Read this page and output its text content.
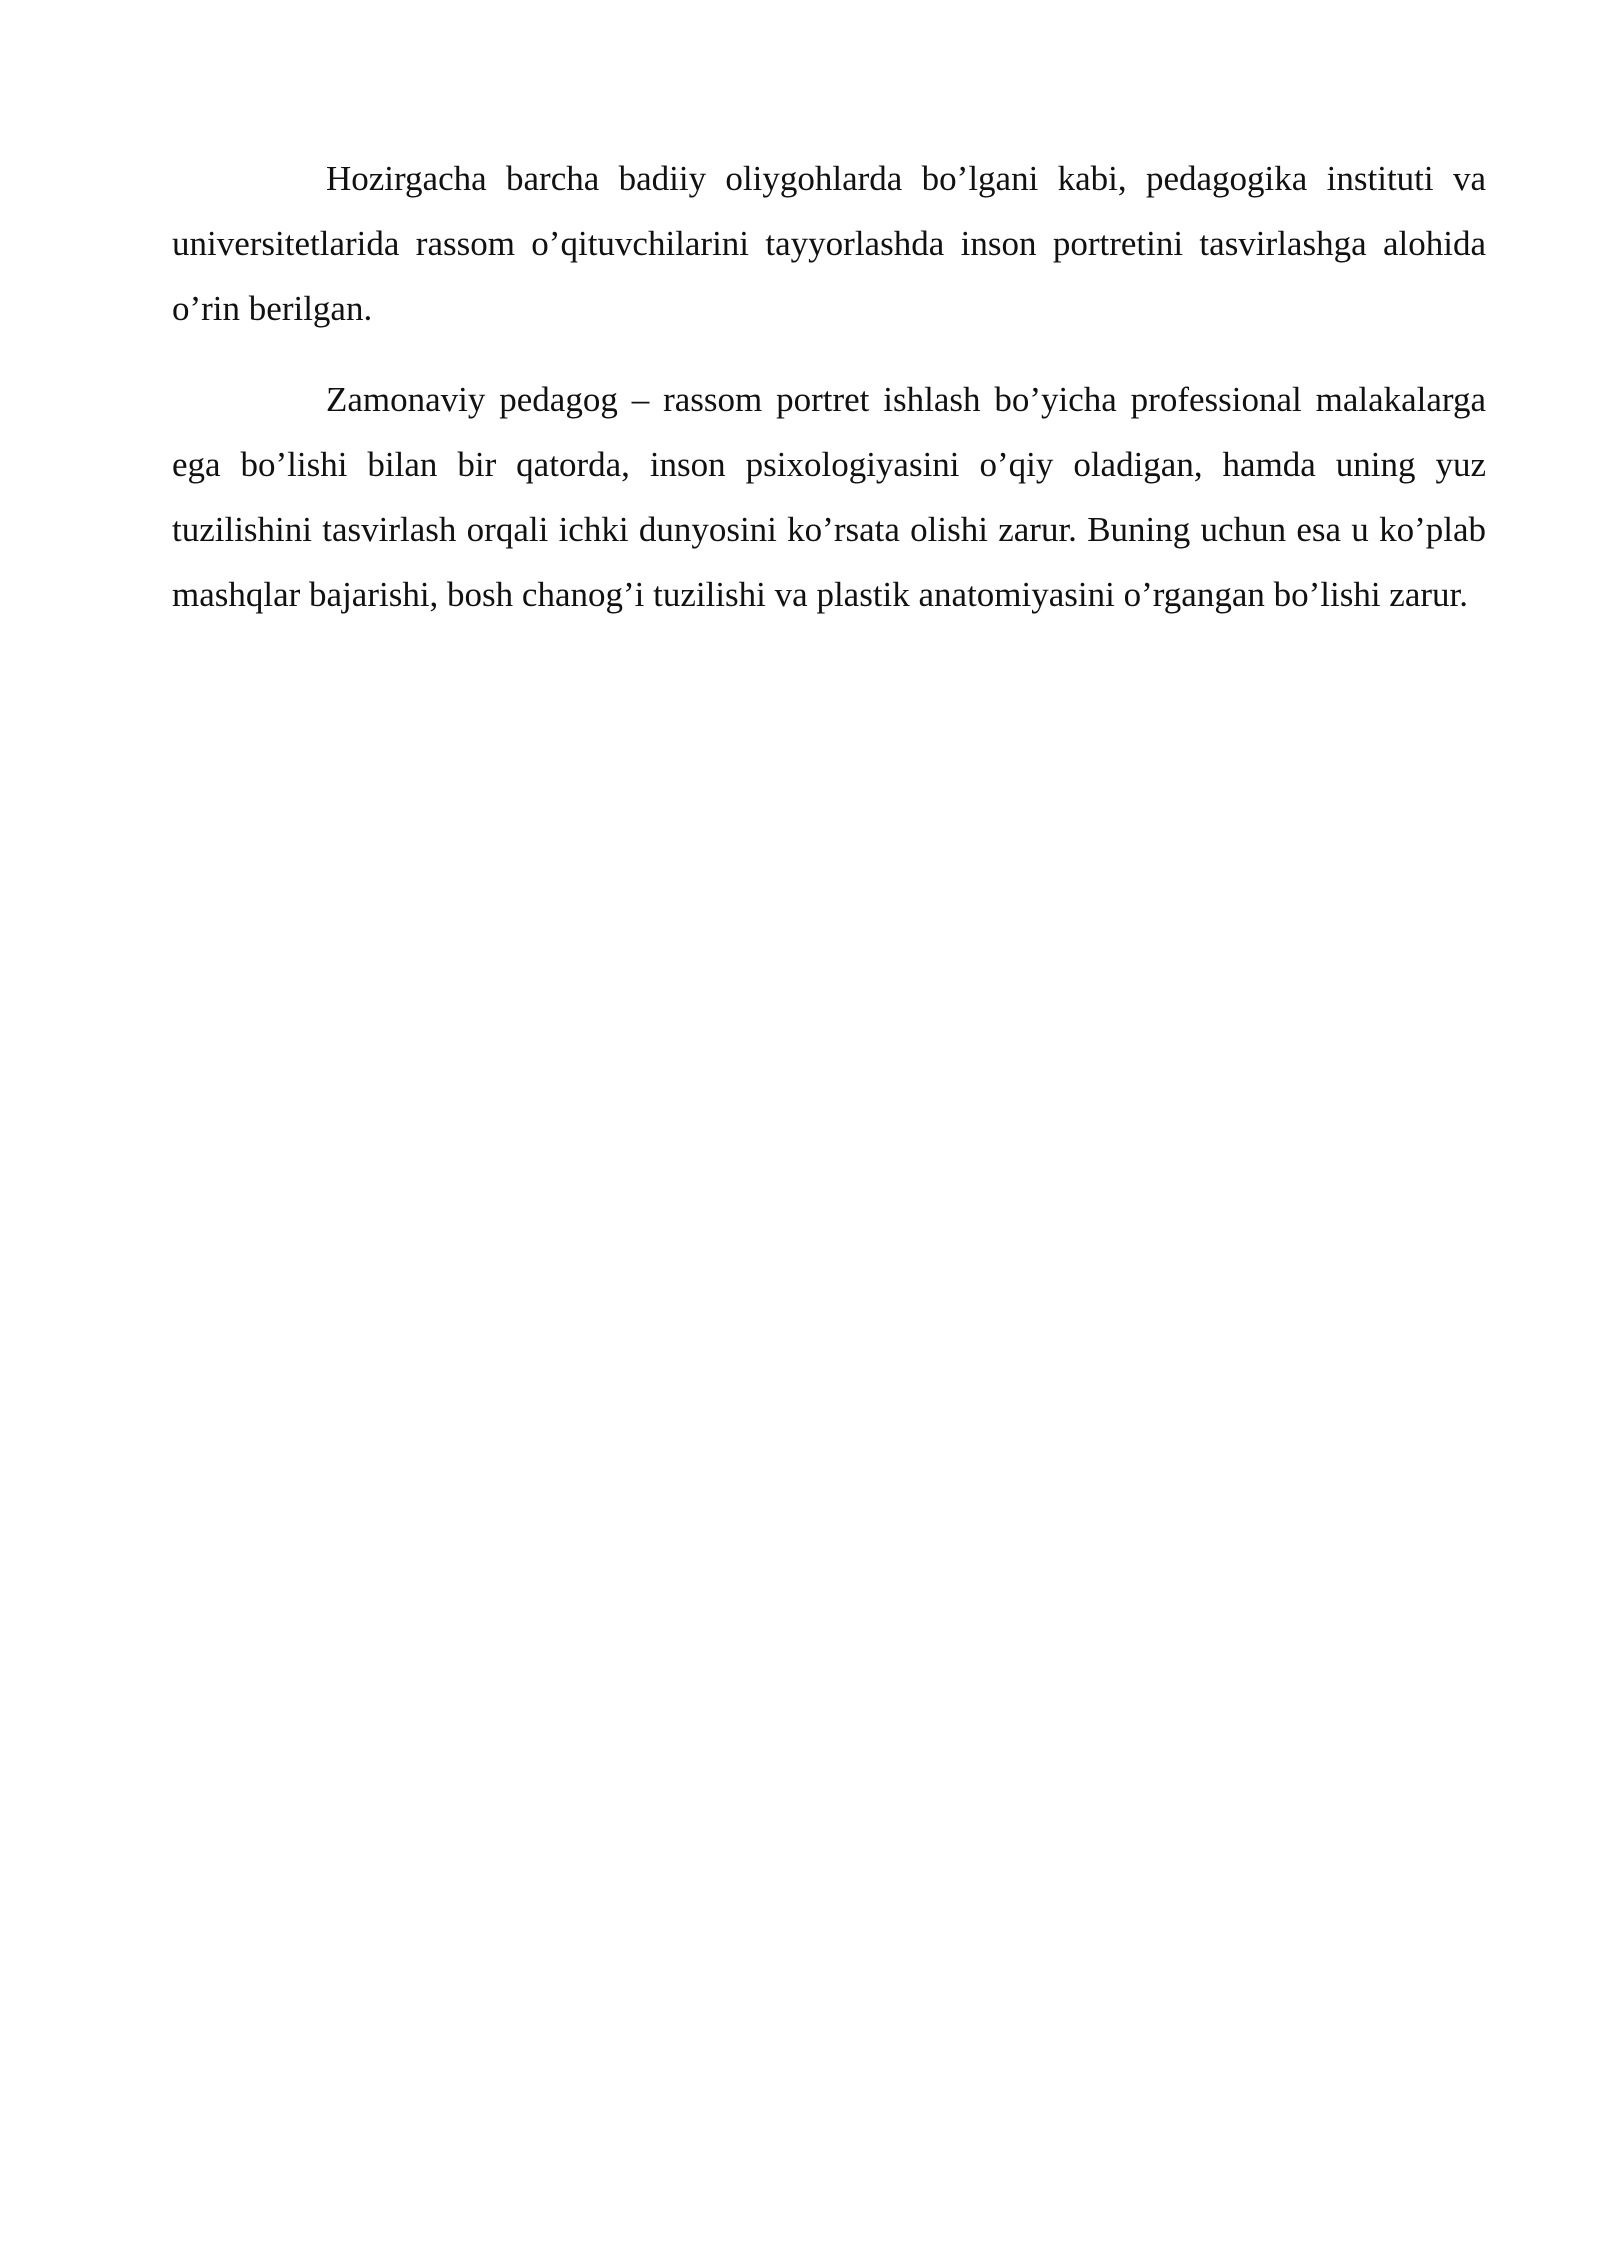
Hozirgacha barcha badiiy oliygohlarda bo’lgani kabi, pedagogika instituti va universitetlarida rassom o’qituvchilarini tayyorlashda inson portretini tasvirlashga alohida o’rin berilgan.

Zamonaviy pedagog – rassom portret ishlash bo’yicha professional malakalarga ega bo’lishi bilan bir qatorda, inson psixologiyasini o’qiy oladigan, hamda uning yuz tuzilishini tasvirlash orqali ichki dunyosini ko’rsata olishi zarur. Buning uchun esa u ko’plab mashqlar bajarishi, bosh chanog’i tuzilishi va plastik anatomiyasini o’rgangan bo’lishi zarur.
